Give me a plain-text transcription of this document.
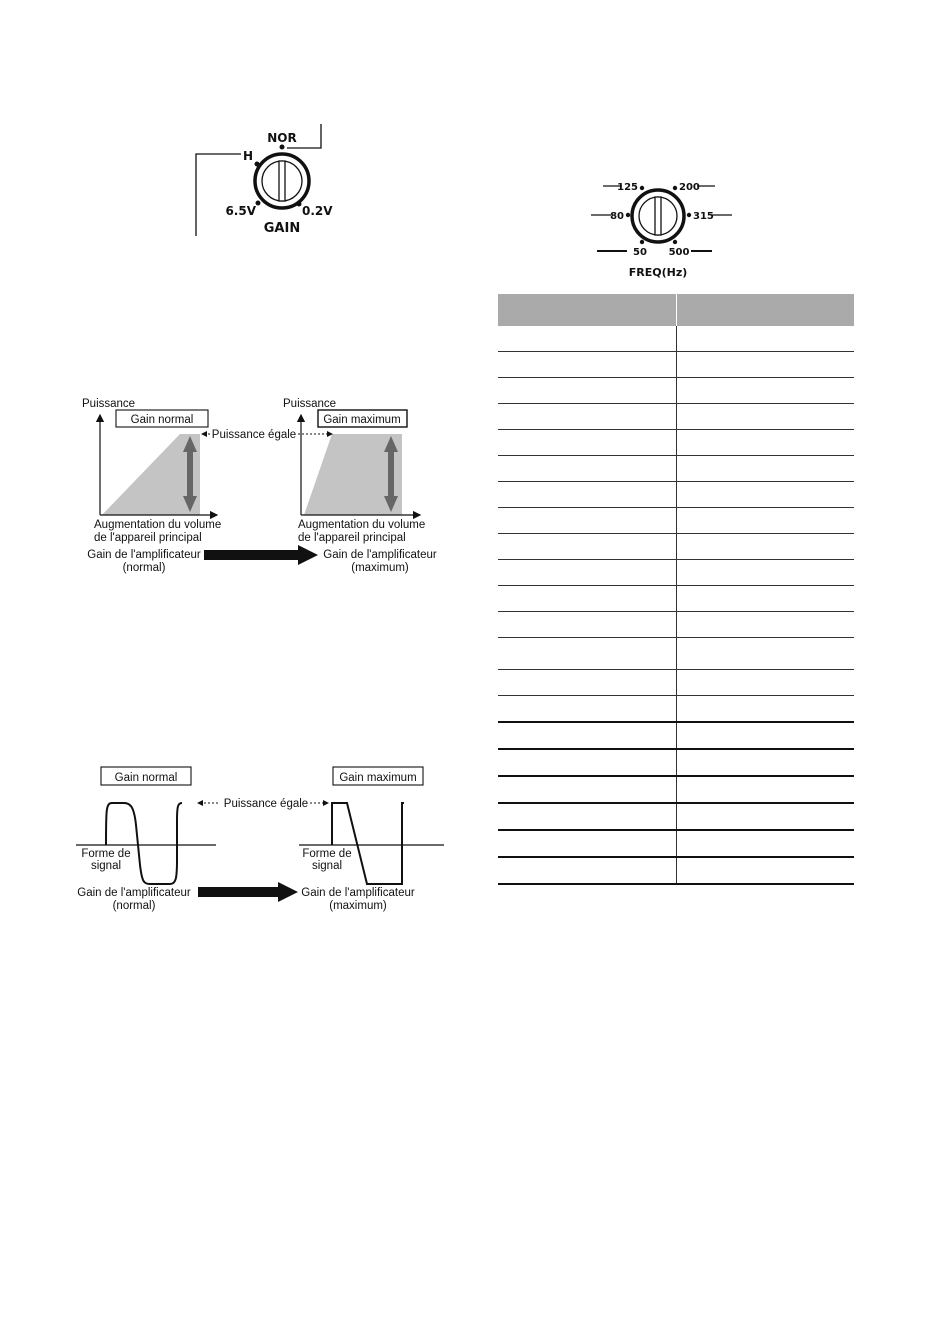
NOR
H
6.5V	0.2V
GAIN
125	200
80	315
50 500
FREQ(Hz)
Puissance
Gain normal
Augmentation du volume
de l'appareil principal
Puissance
Gain maximum
Augmentation du volume
de l'appareil principal
Puissance égale
Gain de l'amplificateur
(normal)
Gain de l'amplificateur
(maximum)
Gain normal	Gain maximum
Puissance égale
Forme de
signal
Forme de
signal
Gain de l'amplificateur
(normal)
Gain de l'amplificateur
(maximum)
